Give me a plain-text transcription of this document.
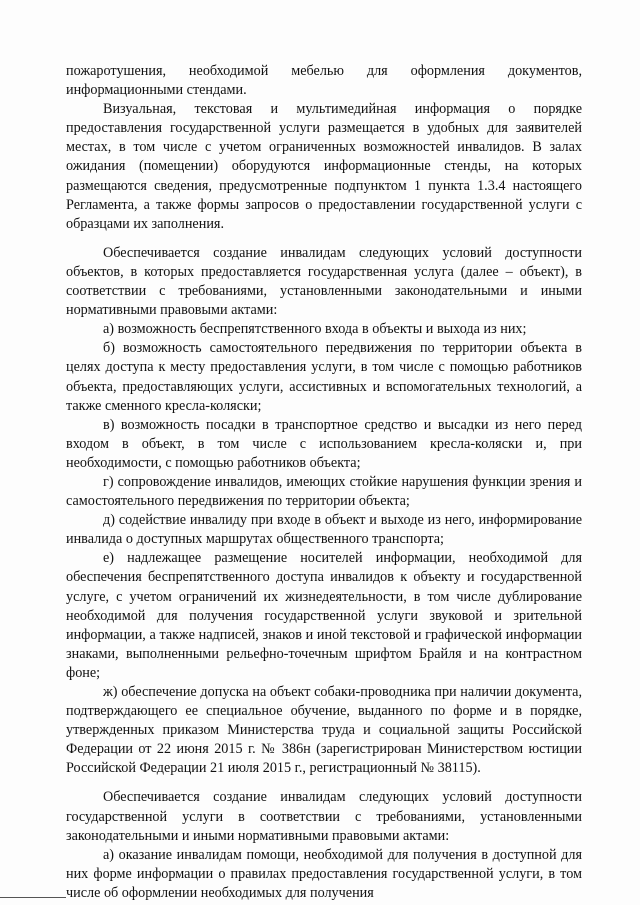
пожаротушения, необходимой мебелью для оформления документов, информационными стендами.

Визуальная, текстовая и мультимедийная информация о порядке предоставления государственной услуги размещается в удобных для заявителей местах, в том числе с учетом ограниченных возможностей инвалидов. В залах ожидания (помещении) оборудуются информационные стенды, на которых размещаются сведения, предусмотренные подпунктом 1 пункта 1.3.4 настоящего Регламента, а также формы запросов о предоставлении государственной услуги с образцами их заполнения.

Обеспечивается создание инвалидам следующих условий доступности объектов, в которых предоставляется государственная услуга (далее – объект), в соответствии с требованиями, установленными законодательными и иными нормативными правовыми актами:

а) возможность беспрепятственного входа в объекты и выхода из них;

б) возможность самостоятельного передвижения по территории объекта в целях доступа к месту предоставления услуги, в том числе с помощью работников объекта, предоставляющих услуги, ассистивных и вспомогательных технологий, а также сменного кресла-коляски;

в) возможность посадки в транспортное средство и высадки из него перед входом в объект, в том числе с использованием кресла-коляски и, при необходимости, с помощью работников объекта;

г) сопровождение инвалидов, имеющих стойкие нарушения функции зрения и самостоятельного передвижения по территории объекта;

д) содействие инвалиду при входе в объект и выходе из него, информирование инвалида о доступных маршрутах общественного транспорта;

е) надлежащее размещение носителей информации, необходимой для обеспечения беспрепятственного доступа инвалидов к объекту и государственной услуге, с учетом ограничений их жизнедеятельности, в том числе дублирование необходимой для получения государственной услуги звуковой и зрительной информации, а также надписей, знаков и иной текстовой и графической информации знаками, выполненными рельефно-точечным шрифтом Брайля и на контрастном фоне;

ж) обеспечение допуска на объект собаки-проводника при наличии документа, подтверждающего ее специальное обучение, выданного по форме и в порядке, утвержденных приказом Министерства труда и социальной защиты Российской Федерации от 22 июня 2015 г. № 386н (зарегистрирован Министерством юстиции Российской Федерации 21 июля 2015 г., регистрационный № 38115).

Обеспечивается создание инвалидам следующих условий доступности государственной услуги в соответствии с требованиями, установленными законодательными и иными нормативными правовыми актами:

а) оказание инвалидам помощи, необходимой для получения в доступной для них форме информации о правилах предоставления государственной услуги, в том числе об оформлении необходимых для получения
